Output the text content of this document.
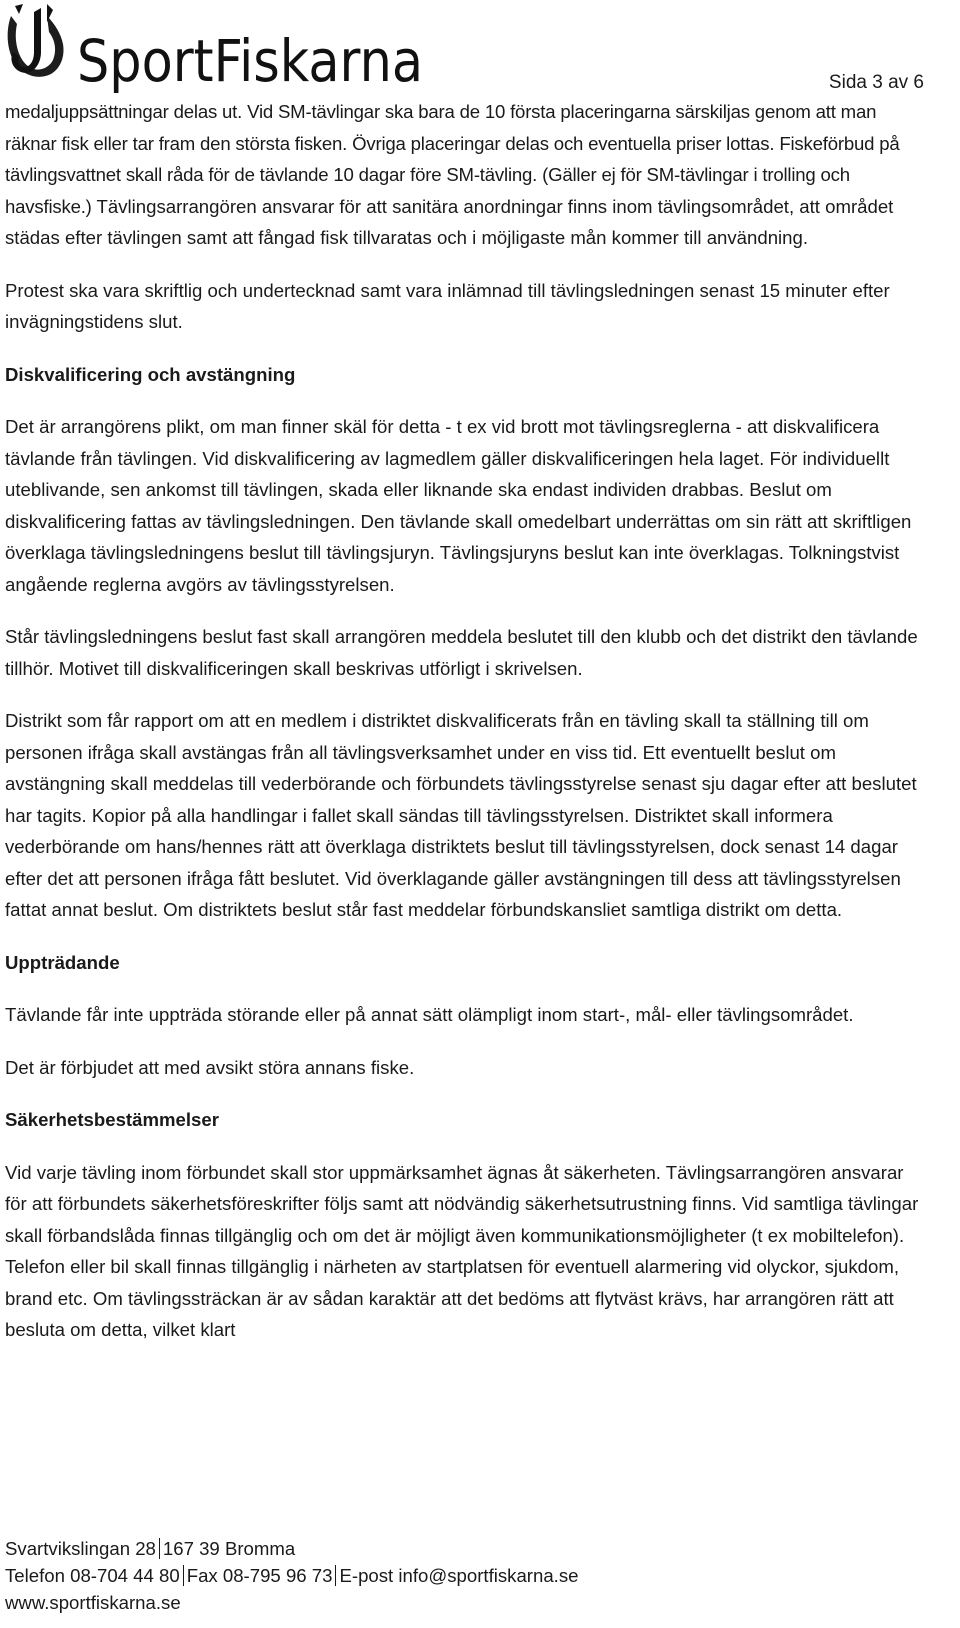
SportFiskarna	Sida 3 av 6

medaljuppsättningar delas ut. Vid SM-tävlingar ska bara de 10 första placeringarna särskiljas genom att man räknar fisk eller tar fram den största fisken. Övriga placeringar delas och eventuella priser lottas. Fiskeförbud på tävlingsvattnet skall råda för de tävlande 10 dagar före SM-tävling. (Gäller ej för SM-tävlingar i trolling och havsfiske.) Tävlingsarrangören ansvarar för att sanitära anordningar finns inom tävlingsområdet, att området städas efter tävlingen samt att fångad fisk tillvaratas och i möjligaste mån kommer till användning.

Protest ska vara skriftlig och undertecknad samt vara inlämnad till tävlingsledningen senast 15 minuter efter invägningstidens slut.

Diskvalificering och avstängning

Det är arrangörens plikt, om man finner skäl för detta - t ex vid brott mot tävlingsreglerna - att diskvalificera tävlande från tävlingen. Vid diskvalificering av lagmedlem gäller diskvalificeringen hela laget. För individuellt uteblivande, sen ankomst till tävlingen, skada eller liknande ska endast individen drabbas. Beslut om diskvalificering fattas av tävlingsledningen. Den tävlande skall omedelbart underrättas om sin rätt att skriftligen överklaga tävlingsledningens beslut till tävlingsjuryn. Tävlingsjuryns beslut kan inte överklagas. Tolkningstvist angående reglerna avgörs av tävlingsstyrelsen.

Står tävlingsledningens beslut fast skall arrangören meddela beslutet till den klubb och det distrikt den tävlande tillhör. Motivet till diskvalificeringen skall beskrivas utförligt i skrivelsen.

Distrikt som får rapport om att en medlem i distriktet diskvalificerats från en tävling skall ta ställning till om personen ifråga skall avstängas från all tävlingsverksamhet under en viss tid. Ett eventuellt beslut om avstängning skall meddelas till vederbörande och förbundets tävlingsstyrelse senast sju dagar efter att beslutet har tagits. Kopior på alla handlingar i fallet skall sändas till tävlingsstyrelsen. Distriktet skall informera vederbörande om hans/hennes rätt att överklaga distriktets beslut till tävlingsstyrelsen, dock senast 14 dagar efter det att personen ifråga fått beslutet. Vid överklagande gäller avstängningen till dess att tävlingsstyrelsen fattat annat beslut. Om distriktets beslut står fast meddelar förbundskansliet samtliga distrikt om detta.

Uppträdande

Tävlande får inte uppträda störande eller på annat sätt olämpligt inom start-, mål- eller tävlingsområdet.

Det är förbjudet att med avsikt störa annans fiske.

Säkerhetsbestämmelser

Vid varje tävling inom förbundet skall stor uppmärksamhet ägnas åt säkerheten. Tävlingsarrangören ansvarar för att förbundets säkerhetsföreskrifter följs samt att nödvändig säkerhetsutrustning finns. Vid samtliga tävlingar skall förbandslåda finnas tillgänglig och om det är möjligt även kommunikationsmöjligheter (t ex mobiltelefon). Telefon eller bil skall finnas tillgänglig i närheten av startplatsen för eventuell alarmering vid olyckor, sjukdom, brand etc. Om tävlingssträckan är av sådan karaktär att det bedöms att flytväst krävs, har arrangören rätt att besluta om detta, vilket klart

Svartvikslingan 28 167 39 Bromma
Telefon 08-704 44 80 Fax 08-795 96 73 E-post info@sportfiskarna.se
www.sportfiskarna.se
